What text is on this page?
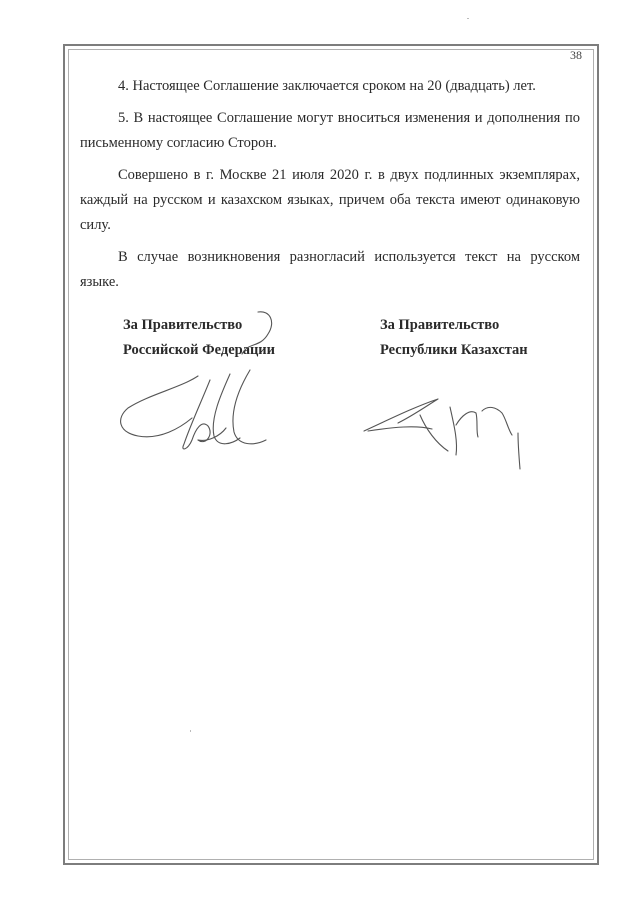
38

4. Настоящее Соглашение заключается сроком на 20 (двадцать) лет.

5. В настоящее Соглашение могут вноситься изменения и дополнения по письменному согласию Сторон.

Совершено в г. Москве 21 июля 2020 г. в двух подлинных экземплярах, каждый на русском и казахском языках, причем оба текста имеют одинаковую силу.

В случае возникновения разногласий используется текст на русском языке.

За Правительство
Российской Федерации
За Правительство
Республики Казахстан
